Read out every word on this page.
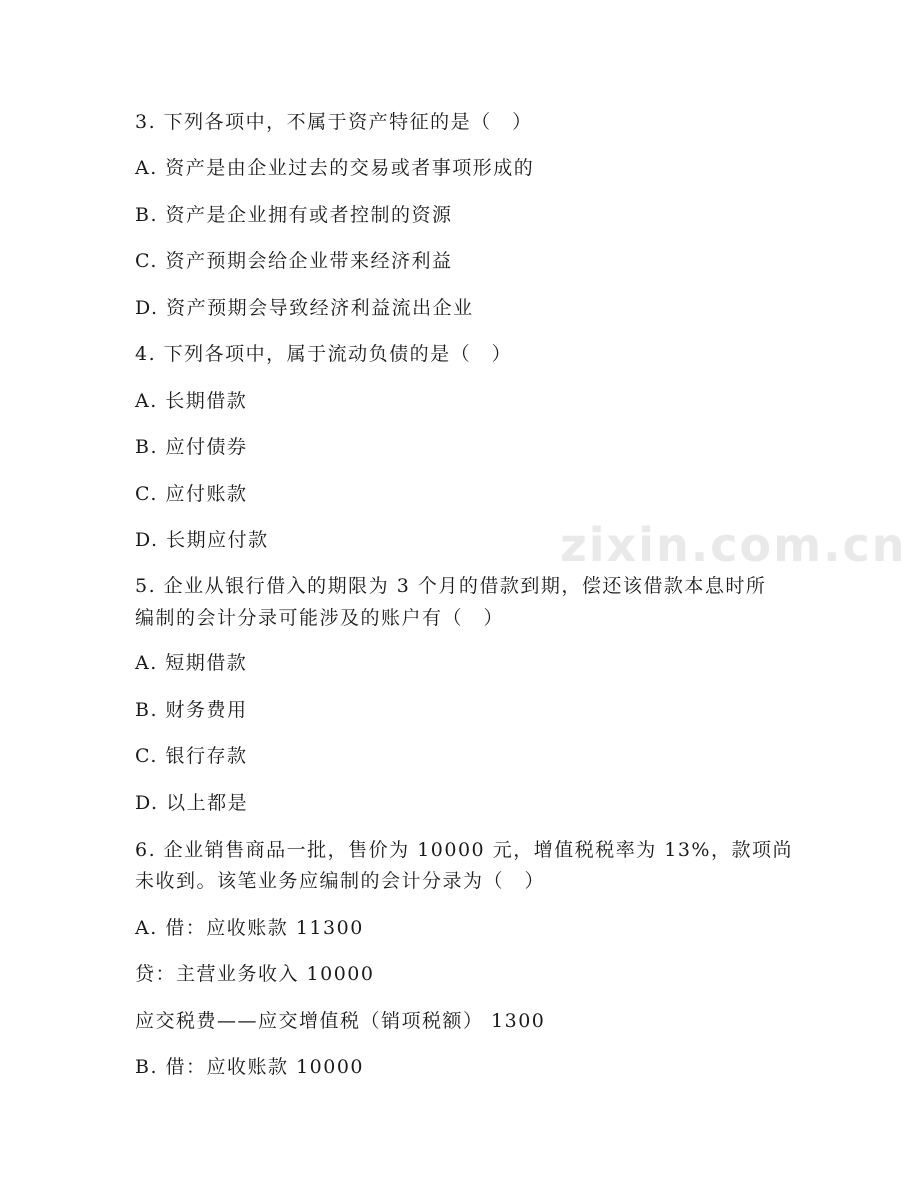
zixin.com.cn
3. 下列各项中，不属于资产特征的是（　）
A. 资产是由企业过去的交易或者事项形成的
B. 资产是企业拥有或者控制的资源
C. 资产预期会给企业带来经济利益
D. 资产预期会导致经济利益流出企业
4. 下列各项中，属于流动负债的是（　）
A. 长期借款
B. 应付债券
C. 应付账款
D. 长期应付款
5. 企业从银行借入的期限为 3 个月的借款到期，偿还该借款本息时所
编制的会计分录可能涉及的账户有（　）
A. 短期借款
B. 财务费用
C. 银行存款
D. 以上都是
6. 企业销售商品一批，售价为 10000 元，增值税税率为 13%，款项尚
未收到。该笔业务应编制的会计分录为（　）
A. 借：应收账款 11300
贷：主营业务收入 10000
应交税费——应交增值税（销项税额） 1300
B. 借：应收账款 10000
